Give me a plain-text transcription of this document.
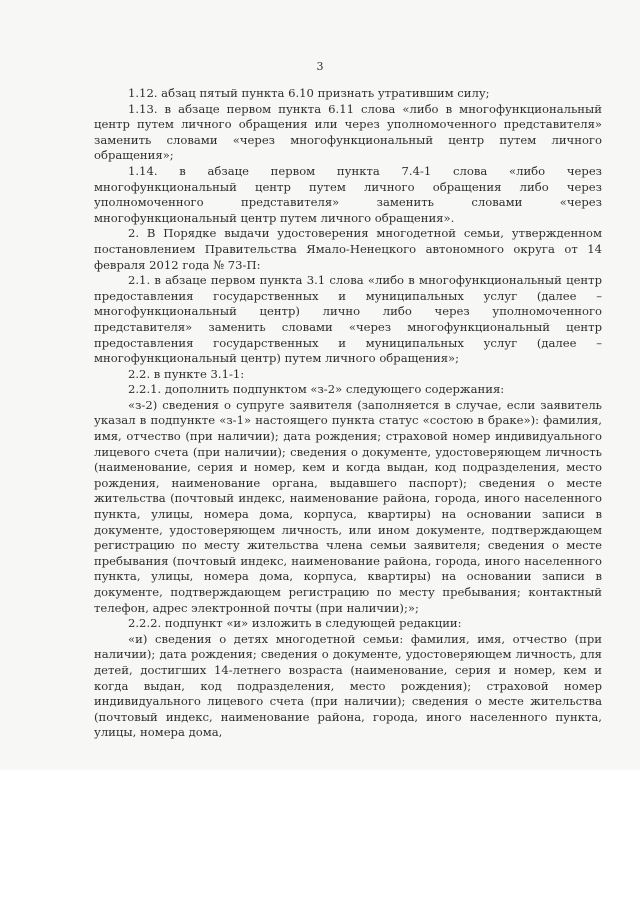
3

1.12. абзац пятый пункта 6.10 признать утратившим силу;

1.13. в абзаце первом пункта 6.11 слова «либо в многофункциональный центр путем личного обращения или через уполномоченного представителя» заменить словами «через многофункциональный центр путем личного обращения»;

1.14. в абзаце первом пункта 7.4-1 слова «либо через многофункциональный центр путем личного обращения либо через уполномоченного представителя» заменить словами «через многофункциональный центр путем личного обращения».

2. В Порядке выдачи удостоверения многодетной семьи, утвержденном постановлением Правительства Ямало-Ненецкого автономного округа от 14 февраля 2012 года № 73-П:

2.1. в абзаце первом пункта 3.1 слова «либо в многофункциональный центр предоставления государственных и муниципальных услуг (далее – многофункциональный центр) лично либо через уполномоченного представителя» заменить словами «через многофункциональный центр предоставления государственных и муниципальных услуг (далее – многофункциональный центр) путем личного обращения»;

2.2. в пункте 3.1-1:

2.2.1. дополнить подпунктом «з-2» следующего содержания:

«з-2) сведения о супруге заявителя (заполняется в случае, если заявитель указал в подпункте «з-1» настоящего пункта статус «состою в браке»): фамилия, имя, отчество (при наличии); дата рождения; страховой номер индивидуального лицевого счета (при наличии); сведения о документе, удостоверяющем личность (наименование, серия и номер, кем и когда выдан, код подразделения, место рождения, наименование органа, выдавшего паспорт); сведения о месте жительства (почтовый индекс, наименование района, города, иного населенного пункта, улицы, номера дома, корпуса, квартиры) на основании записи в документе, удостоверяющем личность, или ином документе, подтверждающем регистрацию по месту жительства члена семьи заявителя; сведения о месте пребывания (почтовый индекс, наименование района, города, иного населенного пункта, улицы, номера дома, корпуса, квартиры) на основании записи в документе, подтверждающем регистрацию по месту пребывания; контактный телефон, адрес электронной почты (при наличии);»;

2.2.2. подпункт «и» изложить в следующей редакции:

«и) сведения о детях многодетной семьи: фамилия, имя, отчество (при наличии); дата рождения; сведения о документе, удостоверяющем личность, для детей, достигших 14-летнего возраста (наименование, серия и номер, кем и когда выдан, код подразделения, место рождения); страховой номер индивидуального лицевого счета (при наличии); сведения о месте жительства (почтовый индекс, наименование района, города, иного населенного пункта, улицы, номера дома,
